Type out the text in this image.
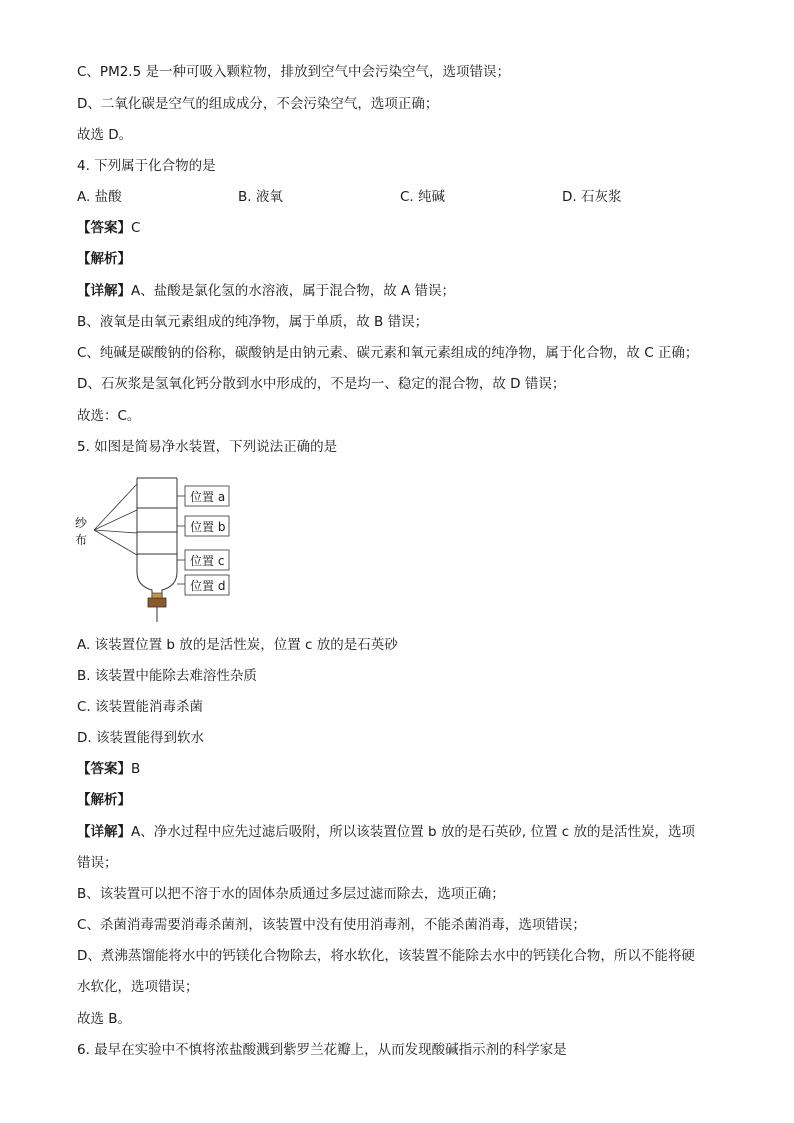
C、PM2.5 是一种可吸入颗粒物，排放到空气中会污染空气，选项错误；
D、二氧化碳是空气的组成成分，不会污染空气，选项正确；
故选 D。
4. 下列属于化合物的是
A. 盐酸	B. 液氧	C. 纯碱	D. 石灰浆
【答案】C
【解析】
【详解】A、盐酸是氯化氢的水溶液，属于混合物，故 A 错误；
B、液氧是由氧元素组成的纯净物，属于单质，故 B 错误；
C、纯碱是碳酸钠的俗称，碳酸钠是由钠元素、碳元素和氧元素组成的纯净物，属于化合物，故 C 正确；
D、石灰浆是氢氧化钙分散到水中形成的，不是均一、稳定的混合物，故 D 错误；
故选：C。
5. 如图是简易净水装置，下列说法正确的是
位置 a
位置 b
位置 c
位置 d
纱
布
A. 该装置位置 b 放的是活性炭，位置 c 放的是石英砂
B. 该装置中能除去难溶性杂质
C. 该装置能消毒杀菌
D. 该装置能得到软水
【答案】B
【解析】
【详解】A、净水过程中应先过滤后吸附，所以该装置位置 b 放的是石英砂, 位置 c 放的是活性炭，选项
错误；
B、该装置可以把不溶于水的固体杂质通过多层过滤而除去，选项正确；
C、杀菌消毒需要消毒杀菌剂，该装置中没有使用消毒剂，不能杀菌消毒，选项错误；
D、煮沸蒸馏能将水中的钙镁化合物除去，将水软化，该装置不能除去水中的钙镁化合物，所以不能将硬
水软化，选项错误；
故选 B。
6. 最早在实验中不慎将浓盐酸溅到紫罗兰花瓣上，从而发现酸碱指示剂的科学家是
